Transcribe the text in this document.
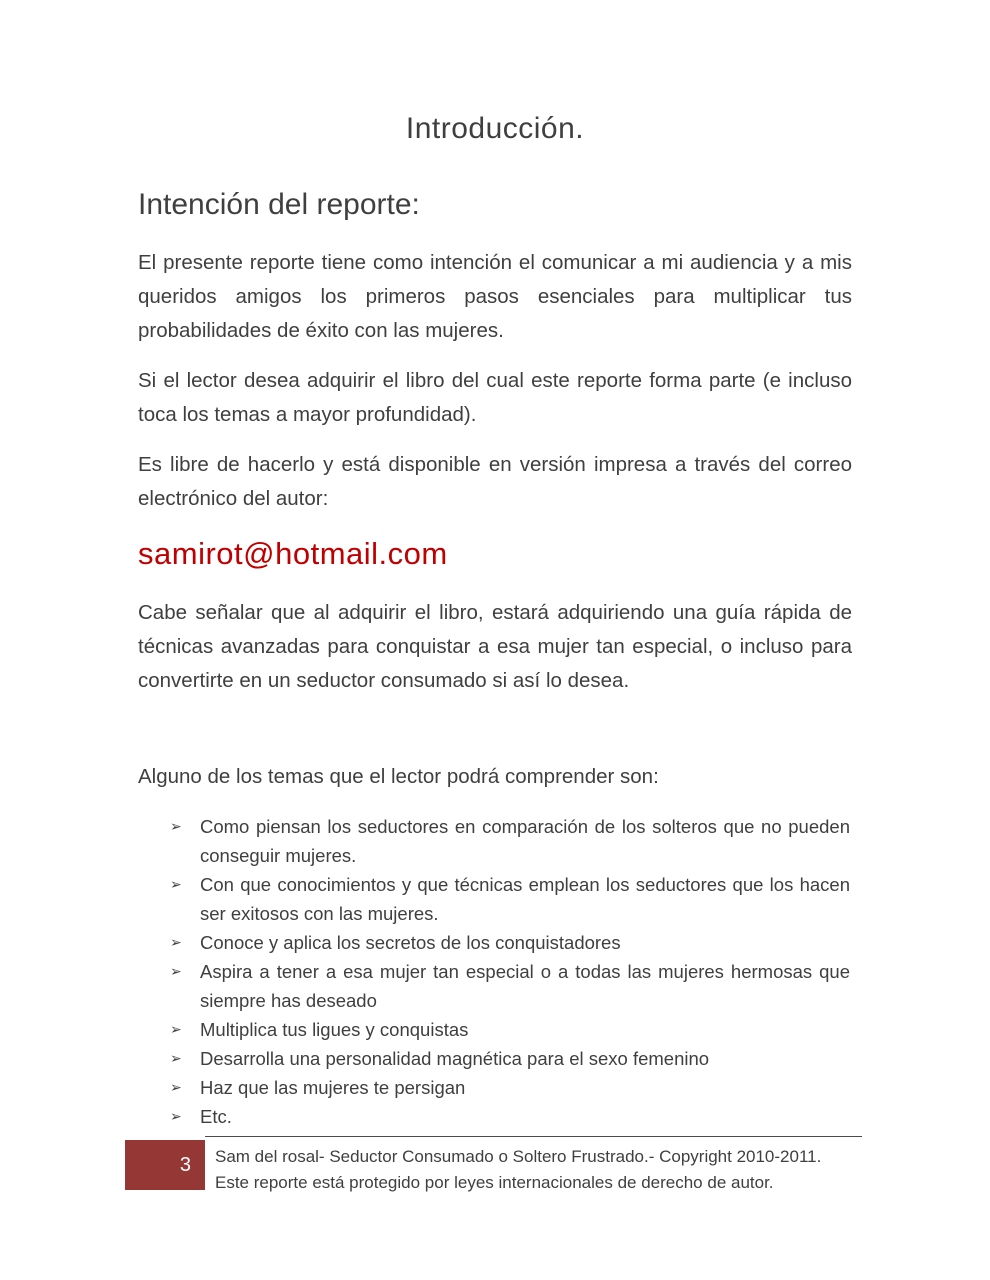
Introducción.
Intención del reporte:

El presente reporte tiene como intención el comunicar a mi audiencia y a mis queridos amigos los primeros pasos esenciales para multiplicar tus probabilidades de éxito con las mujeres.

Si el lector desea adquirir el libro del cual este reporte forma parte (e incluso toca los temas a mayor profundidad).

Es libre de hacerlo y está disponible en versión impresa a través del correo electrónico del autor:

samirot@hotmail.com

Cabe señalar que al adquirir el libro, estará adquiriendo una guía rápida de técnicas avanzadas para conquistar a esa mujer tan especial, o incluso para convertirte en un seductor consumado si así lo desea.

Alguno de los temas que el lector podrá comprender son:

➢ Como piensan los seductores en comparación de los solteros que no pueden conseguir mujeres.
➢ Con que conocimientos y que técnicas emplean los seductores que los hacen ser exitosos con las mujeres.
➢ Conoce y aplica los secretos de los conquistadores
➢ Aspira a tener a esa mujer tan especial o a todas las mujeres hermosas que siempre has deseado
➢ Multiplica tus ligues y conquistas
➢ Desarrolla una personalidad magnética para el sexo femenino
➢ Haz que las mujeres te persigan
➢ Etc.
3	Sam del rosal- Seductor Consumado o Soltero Frustrado.- Copyright 2010-2011.
Este reporte está protegido por leyes internacionales de derecho de autor.
